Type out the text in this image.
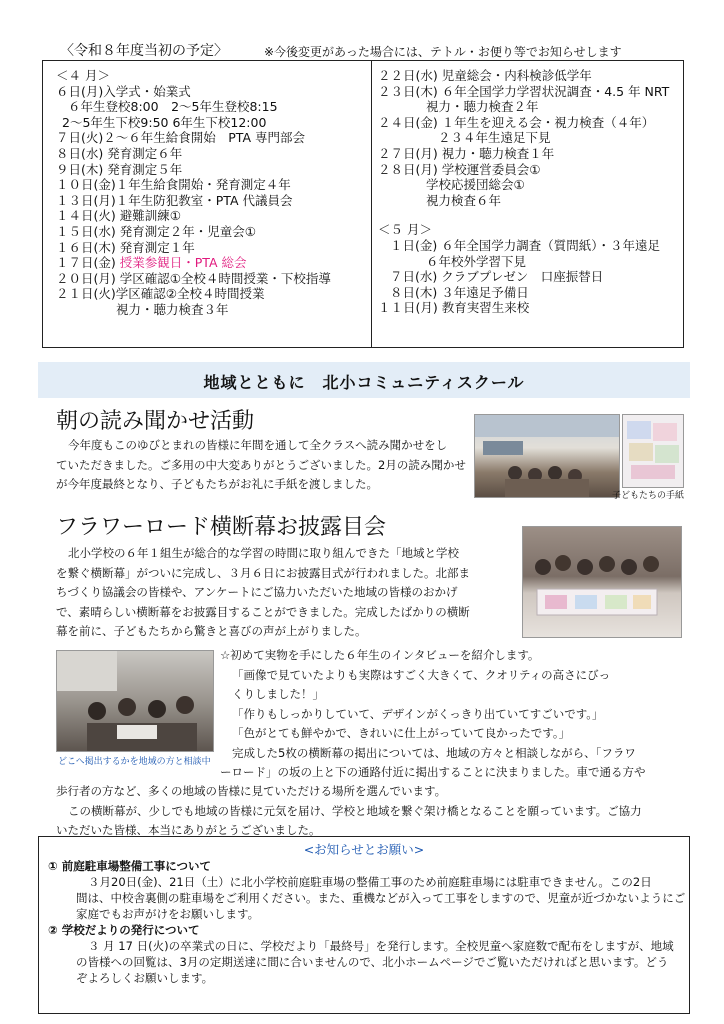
〈令和８年度当初の予定〉	※今後変更があった場合には、テトル・お便り等でお知らせします
＜４ 月＞
６日(月)入学式・始業式
６年生登校8:00　2～5年生登校8:15
2～5年生下校9:50 6年生下校12:00
７日(火)２～６年生給食開始　PTA 専門部会
８日(水) 発育測定６年
９日(木) 発育測定５年
１０日(金)１年生給食開始・発育測定４年
１３日(月)１年生防犯教室・PTA 代議員会
１４日(火) 避難訓練①
１５日(水) 発育測定２年・児童会①
１６日(木) 発育測定１年
１７日(金) 授業参観日・PTA 総会
２０日(月) 学区確認①全校４時間授業・下校指導
２１日(火)学区確認②全校４時間授業
視力・聴力検査３年
２２日(水) 児童総会・内科検診低学年
２３日(木) ６年全国学力学習状況調査・4.5 年 NRT
視力・聴力検査２年
２４日(金) １年生を迎える会・視力検査（４年）
２３４年生遠足下見
２７日(月) 視力・聴力検査１年
２８日(月) 学校運営委員会①
学校応援団総会①
視力検査６年
＜５ 月＞
１日(金) ６年全国学力調査（質問紙）・３年遠足
６年校外学習下見
７日(水) クラブプレゼン　口座振替日
８日(木) ３年遠足予備日
１１日(月) 教育実習生来校
地域とともに　北小コミュニティスクール
朝の読み聞かせ活動
今年度もこのゆびとまれの皆様に年間を通して全クラスへ読み聞かせをし
ていただきました。ご多用の中大変ありがとうございました。2月の読み聞かせ
が今年度最終となり、子どもたちがお礼に手紙を渡しました。
子どもたちの手紙
フラワーロード横断幕お披露目会
北小学校の６年１組生が総合的な学習の時間に取り組んできた「地域と学校
を繋ぐ横断幕」がついに完成し、３月６日にお披露目式が行われました。北部ま
ちづくり協議会の皆様や、アンケートにご協力いただいた地域の皆様のおかげ
で、素晴らしい横断幕をお披露目することができました。完成したばかりの横断
幕を前に、子どもたちから驚きと喜びの声が上がりました。
どこへ掲出するかを地域の方と相談中
☆初めて実物を手にした６年生のインタビューを紹介します。
「画像で見ていたよりも実際はすごく大きくて、クオリティの高さにびっ
くりしました！」
「作りもしっかりしていて、デザインがくっきり出ていてすごいです。」
「色がとても鮮やかで、きれいに仕上がっていて良かったです。」
完成した5枚の横断幕の掲出については、地域の方々と相談しながら、「フラワ
ーロード」の坂の上と下の通路付近に掲出することに決まりました。車で通る方や
歩行者の方など、多くの地域の皆様に見ていただける場所を選んでいます。
この横断幕が、少しでも地域の皆様に元気を届け、学校と地域を繋ぐ架け橋となることを願っています。ご協力
いただいた皆様、本当にありがとうございました。
<お知らせとお願い>
① 前庭駐車場整備工事について
３月20日(金)、21日（土）に北小学校前庭駐車場の整備工事のため前庭駐車場には駐車できません。この2日
間は、中校舎裏側の駐車場をご利用ください。また、重機などが入って工事をしますので、児童が近づかないようにご
家庭でもお声がけをお願いします。
② 学校だよりの発行について
３ 月 17 日(火)の卒業式の日に、学校だより「最終号」を発行します。全校児童へ家庭数で配布をしますが、地域
の皆様への回覧は、3月の定期送達に間に合いませんので、北小ホームページでご覧いただければと思います。どう
ぞよろしくお願いします。
